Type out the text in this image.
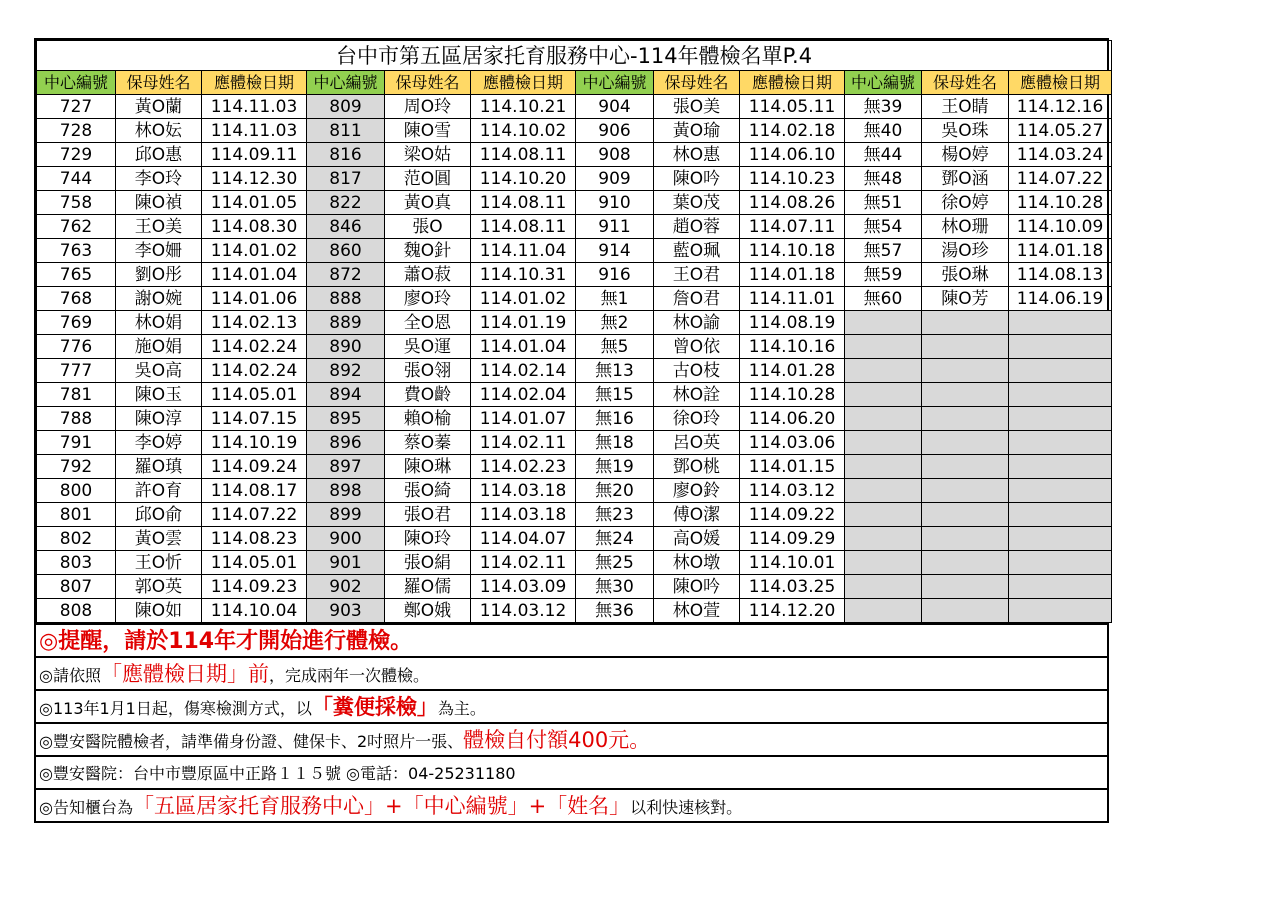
台中市第五區居家托育服務中心-114年體檢名單P.4											
中心編號	保母姓名	應體檢日期	中心編號	保母姓名	應體檢日期	中心編號	保母姓名	應體檢日期	中心編號	保母姓名	應體檢日期
727	黃O蘭	114.11.03	809	周O玲	114.10.21	904	張O美	114.05.11	無39	王O睛	114.12.16
728	林O妘	114.11.03	811	陳O雪	114.10.02	906	黃O瑜	114.02.18	無40	吳O珠	114.05.27
729	邱O惠	114.09.11	816	梁O姑	114.08.11	908	林O惠	114.06.10	無44	楊O婷	114.03.24
744	李O玲	114.12.30	817	范O圓	114.10.20	909	陳O吟	114.10.23	無48	鄧O涵	114.07.22
758	陳O禎	114.01.05	822	黃O真	114.08.11	910	葉O茂	114.08.26	無51	徐O婷	114.10.28
762	王O美	114.08.30	846	張O	114.08.11	911	趙O蓉	114.07.11	無54	林O珊	114.10.09
763	李O姍	114.01.02	860	魏O針	114.11.04	914	藍O珮	114.10.18	無57	湯O珍	114.01.18
765	劉O彤	114.01.04	872	蕭O菽	114.10.31	916	王O君	114.01.18	無59	張O琳	114.08.13
768	謝O婉	114.01.06	888	廖O玲	114.01.02	無1	詹O君	114.11.01	無60	陳O芳	114.06.19
769	林O娟	114.02.13	889	全O恩	114.01.19	無2	林O諭	114.08.19			
776	施O娟	114.02.24	890	吳O運	114.01.04	無5	曾O依	114.10.16			
777	吳O高	114.02.24	892	張O翎	114.02.14	無13	古O枝	114.01.28			
781	陳O玉	114.05.01	894	費O齡	114.02.04	無15	林O詮	114.10.28			
788	陳O淳	114.07.15	895	賴O榆	114.01.07	無16	徐O玲	114.06.20			
791	李O婷	114.10.19	896	蔡O蓁	114.02.11	無18	呂O英	114.03.06			
792	羅O瑱	114.09.24	897	陳O琳	114.02.23	無19	鄧O桃	114.01.15			
800	許O育	114.08.17	898	張O綺	114.03.18	無20	廖O鈴	114.03.12			
801	邱O俞	114.07.22	899	張O君	114.03.18	無23	傅O潔	114.09.22			
802	黃O雲	114.08.23	900	陳O玲	114.04.07	無24	高O媛	114.09.29			
803	王O忻	114.05.01	901	張O絹	114.02.11	無25	林O墩	114.10.01			
807	郭O英	114.09.23	902	羅O儒	114.03.09	無30	陳O吟	114.03.25			
808	陳O如	114.10.04	903	鄭O娥	114.03.12	無36	林O萱	114.12.20			
◎提醒，請於114年才開始進行體檢。
◎請依照「應體檢日期」前，完成兩年一次體檢。
◎113年1月1日起，傷寒檢測方式，以「糞便採檢」為主。
◎豐安醫院體檢者，請準備身份證、健保卡、2吋照片一張、體檢自付額400元。
◎豐安醫院：台中市豐原區中正路１１５號 ◎電話：04-25231180
◎告知櫃台為「五區居家托育服務中心」+「中心編號」+「姓名」以利快速核對。
